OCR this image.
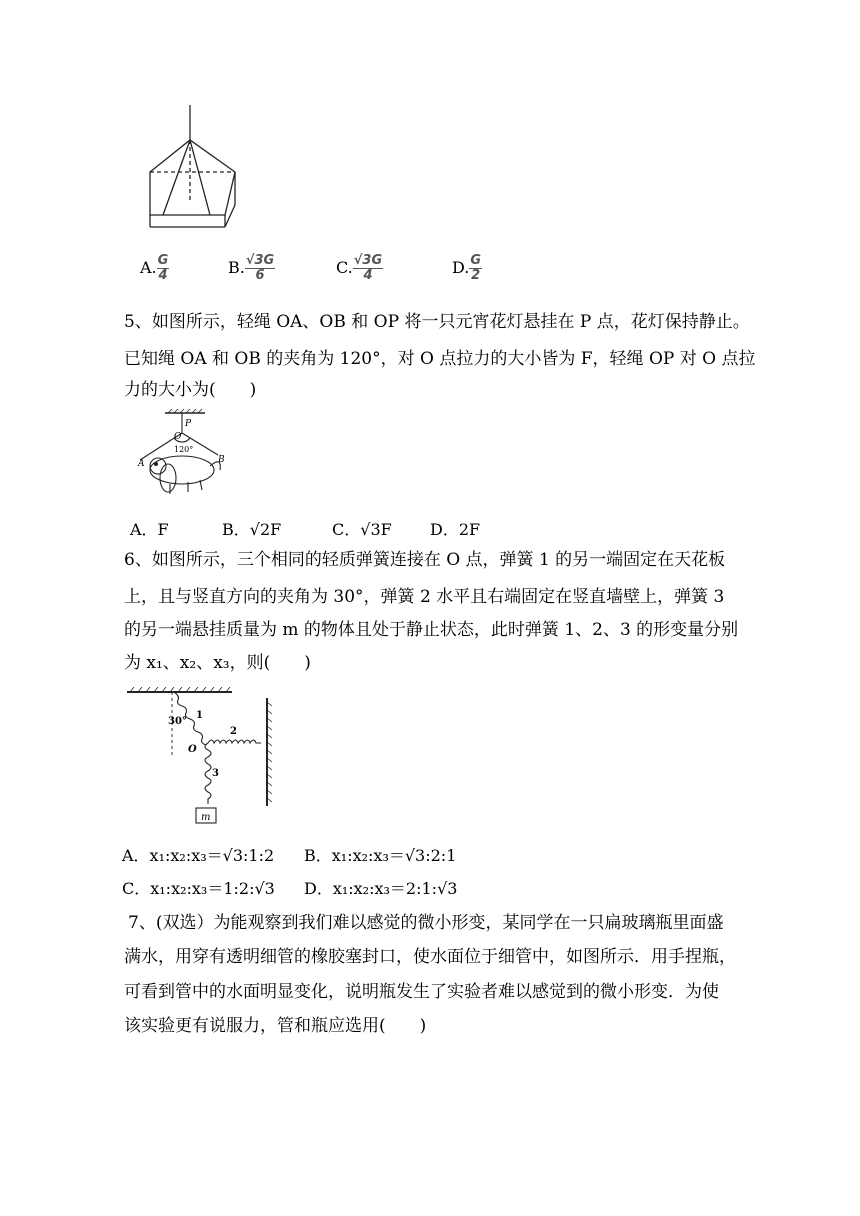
A. $\frac{G}{4}$	B. $\frac{√3G}{6}$	C. $\frac{√3G}{4}$	D. $\frac{G}{2}$
5、如图所示，轻绳 OA、OB 和 OP 将一只元宵花灯悬挂在 P 点，花灯保持静止。
已知绳 OA 和 OB 的夹角为 120°，对 O 点拉力的大小皆为 F，轻绳 OP 对 O 点拉
力的大小为(　　)
P
O
A	B
120°
A．F	B．√2F	C．√3F D．2F
6、如图所示，三个相同的轻质弹簧连接在 O 点，弹簧 1 的另一端固定在天花板
上，且与竖直方向的夹角为 30°，弹簧 2 水平且右端固定在竖直墙壁上，弹簧 3
的另一端悬挂质量为 m 的物体且处于静止状态，此时弹簧 1、2、3 的形变量分别
为 x₁、x₂、x₃，则(　　)
30°
1
2
O
3
m
A．x₁:x₂:x₃＝√3:1:2 B．x₁:x₂:x₃＝√3:2:1
C．x₁:x₂:x₃＝1:2:√3 D．x₁:x₂:x₃＝2:1:√3
7、(双选）为能观察到我们难以感觉的微小形变，某同学在一只扁玻璃瓶里面盛
满水，用穿有透明细管的橡胶塞封口，使水面位于细管中，如图所示．用手捏瓶，
可看到管中的水面明显变化，说明瓶发生了实验者难以感觉到的微小形变．为使
该实验更有说服力，管和瓶应选用(　　)
